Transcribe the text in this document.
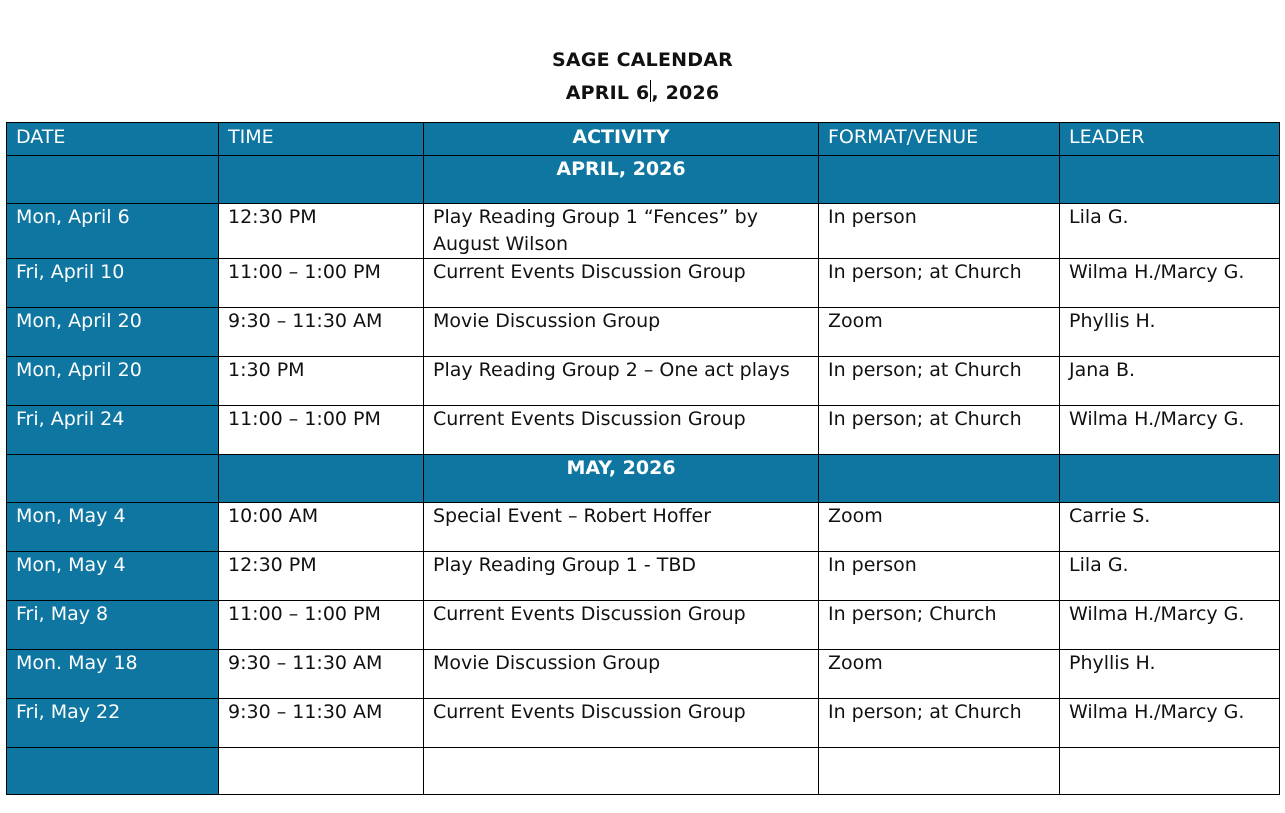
SAGE CALENDAR
APRIL 6 , 2026
DATE	TIME	ACTIVITY	FORMAT/VENUE	LEADER
		APRIL, 2026		
Mon, April 6	12:30 PM	Play Reading Group 1 “Fences” by August Wilson	In person	Lila G.
Fri, April 10	11:00 – 1:00 PM	Current Events Discussion Group	In person; at Church	Wilma H./Marcy G.
Mon, April 20	9:30 – 11:30 AM	Movie Discussion Group	Zoom	Phyllis H.
Mon, April 20	1:30 PM	Play Reading Group 2 – One act plays	In person; at Church	Jana B.
Fri, April 24	11:00 – 1:00 PM	Current Events Discussion Group	In person; at Church	Wilma H./Marcy G.
		MAY, 2026		
Mon, May 4	10:00 AM	Special Event – Robert Hoffer	Zoom	Carrie S.
Mon, May 4	12:30 PM	Play Reading Group 1 - TBD	In person	Lila G.
Fri, May 8	11:00 – 1:00 PM	Current Events Discussion Group	In person; Church	Wilma H./Marcy G.
Mon. May 18	9:30 – 11:30 AM	Movie Discussion Group	Zoom	Phyllis H.
Fri, May 22	9:30 – 11:30 AM	Current Events Discussion Group	In person; at Church	Wilma H./Marcy G.
